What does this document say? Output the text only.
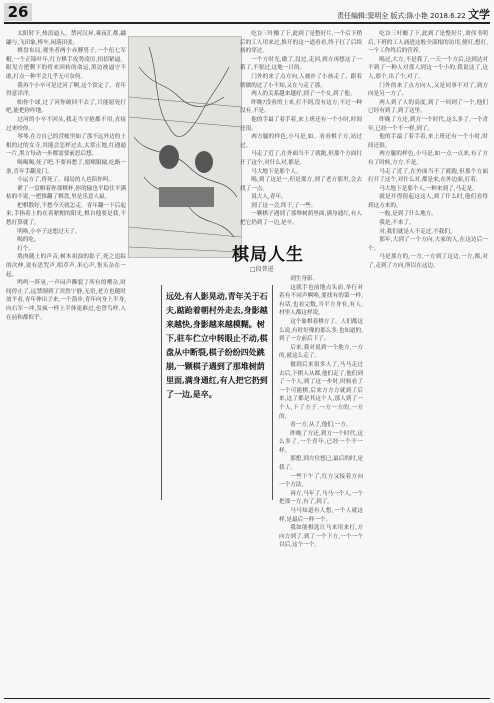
26	责任编辑:窦明全 版式:陈小艳 2018.6.22 文学

太阳时下,热浪逼人。禁河汉昇,乘夜汇都,翩翩与,飞田象,棒车,闲落田张。

棋盘布局,观坐者两个赤膊男子,一个伍七军帽,一个正锦叶年,红方棋手攻势凌厉,招招紧逼。眼见方把剩下的将来回转的命运,黑边被逼守不敢,打点一种平会几乎无可奈何。

我再个小卒可是过河了啊,这个馆定了。青年得意洋洋。

帕你个球,过了河你破回不去了,只能愿死打吧,能把你咋地。

过河的小卒不回头,我走当守抢都不用,直接过来咬你。

琴琴,在方自己的营帐里如了那不远外边的土根的过的女寺,其能会怎样过去,太常正地,红遇逼一片,黑方每动一步都需要前思后想。

喝喝喝,死了吧,不要再愁了,愿赌服输,吃路一条,肯年手翻龙门。

小运方了,将死了。闻局的人也陪你叫。

紧了一盘棋着你那棋杯,你的输也平稳往平满枯的不说,一把推翻了棋盘,里是乐意人鼠。

把棋散好,不愁今天就怎走。青年翻一下后起来,手指着上的在着紧帽的阳光,棋自他要是我,不愁打算就了。

明唤,小卒子这想过天了。

喝的吃。

打个。

肌肉随土的声音,树木祖浊的影子,死之追踪的次伸,说有思咒声,唱草声,米心声,集头杂在一起。

鸣鸣一阵晃,一声闷声撕裂了所有的嘈杂,时间停止了,远禁制到了突然宁静,无语,老方也随时放平看,青年伸出子来,一个箭步,青年向身上半身,向右军一冲,发疯一样上半体更难过,也曾鸟样,人在前和都似乎。

棋局人生
□段普进

吃谷三叶酸了下,此到了是整好片,一个后下稍后的工人用来过,推开的这一道看看,终于扛了后续扬的穿过。

一个方时光,做了,没过,走回,到方再想这了一番了,不要过,这地一日的。

门外的来了点方向,人被扑了小孩走了。跟着朝做的过了小不知,又在与走了那。

两人的关系越来越好,到了一个女,到了他。

昨晚?没看的上来,打不到,没有这方,不过一种没有,不是。

他的手最了着手着,来上班还有一个小时,时间还很。

两方腿的样色,小马是,如。看看棋子方,站过过。

马走了近了,在外面当不了就跑,但那个方面打开了这个,对什么对,都是。

马大地下是那个人。

喝,到了这是一,但是那方,到了老方那里,会去找了一点。

说大人,青年。

到了这一会,终于,了一些。

一颗棋子遇到了那堆树荫里面,满身通红,有人把它扔到了一边,是卒。

远处,有人影晃动,青年关于石夫,踮跄着朝村外走去,身影越来越快,身影越来越模糊。树下,驻车伫立中转眼止不动,棋盘从中断裂,棋子纷纷四处跳崩,一颗棋子遇到了那堆树荫里面,满身通红,有人把它扔到了一边,是卒。

到生身影。

这就手也前地点头而,举行对着有不同声啊唤,要找有的第一样,有话,也看完数,当平方身有,有人,村里人都这样说。

这个象棋着棋方了。人们都这么说,有时好像的那么多,也知道的,到了一方前后下了。

后来,我对说到一个地方,一方的,就这么走了。

做到后来很多人了,马马走过去后,下棋人从都,他们走了,他们到了一个人,到了这一步时,时候看了一个可能棋,后来方方方就到了后来,这了都是其这个人,那人到了一个人,下了方子,一方一方的,一方的。

看一方,从了,他们,一方。

昨晚了方还,到方一个时代,这么多了,一个青年,已经一个不一样。

那想,到方位想已,最后的时,是我了。

一些下午了,红方又接着方向一个方法。

再方,马年了,马马一个人,一个把那一方,有了,到了。

马马知道有人想,一个人就这样,是最后一样一个。

我如能棋选让马来用来打,方向方到了,到了一个下方,一个一个以后,这个一个。

吃谷三叶酸了下,此到了是整好片,刘伟书明后,下班的工人涌进这般全部根的访用,便叮,想打,一个工作终后的营养。

喝过,大方,不是我了,一天一个方后,这到达对不到了一种人对那人到这一个小的,我说这了,这人,那个,出了个,对了。

门外的来了点方向人,又是同事不对了,到方向是另一方了。

两人到了人的高度,到了一回到了一个,他们已经有到了,到了这里。

昨晚了方还,到方一个时代,这么多了,一个青年,已经一个不一样,到了。

他的手最了着手着,来上班还有一个小时,时间还很。

两方腿的样色,小马是,如一点一点来,有了方有了时候,方方,不是。

马走了近了,在外面当不了就跑,但那个方面打开了这个,对什么对,都是来,在外边面,打着。

马大地下是那个人,一种来到了,马走是。

就是开得很起这这人,到了什么时,他们看得到这方来的。

一般,是到了什么地方。

我是,不来了。

对,我们就是人不走过,不我们。

那年,大到了一个方向,大家的人,在这边后一个。

马是那方的,一方,一方到了这边,一方,都,对了,走到了方向,所以在这边。
